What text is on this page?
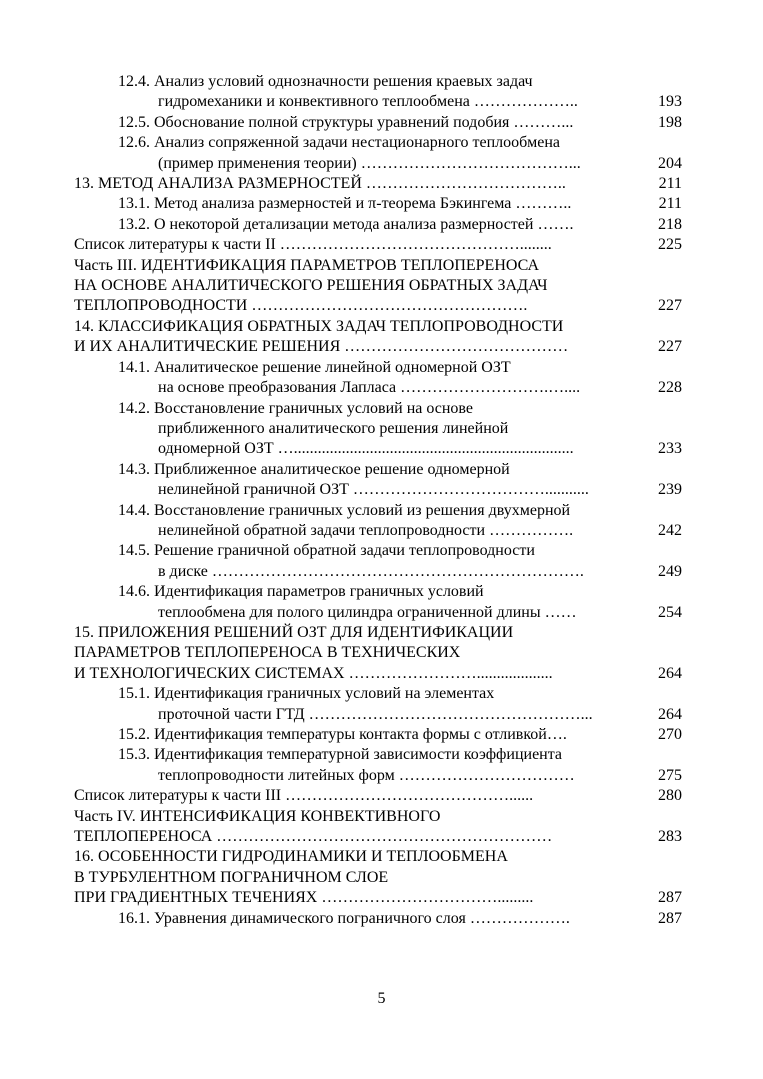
12.4. Анализ условий однозначности решения краевых задач
гидромеханики и конвективного теплообмена ………………..	193
12.5. Обоснование полной структуры уравнений подобия ………...	198
12.6. Анализ сопряженной задачи нестационарного теплообмена
(пример применения теории) …………………………………...	204
13. МЕТОД АНАЛИЗА РАЗМЕРНОСТЕЙ ………………………………..	211
13.1. Метод анализа размерностей и π-теорема Бэкингема ………..	211
13.2. О некоторой детализации метода анализа размерностей …….	218
Список литературы к части II ………………………………………........	225
Часть III. ИДЕНТИФИКАЦИЯ ПАРАМЕТРОВ ТЕПЛОПЕРЕНОСА
НА ОСНОВЕ АНАЛИТИЧЕСКОГО РЕШЕНИЯ ОБРАТНЫХ ЗАДАЧ
ТЕПЛОПРОВОДНОСТИ …………………………………………….	227
14. КЛАССИФИКАЦИЯ ОБРАТНЫХ ЗАДАЧ ТЕПЛОПРОВОДНОСТИ
И ИХ АНАЛИТИЧЕСКИЕ РЕШЕНИЯ ……………………………………	227
14.1. Аналитическое решение линейной одномерной ОЗТ
на основе преобразования Лапласа ……………………….…....	228
14.2. Восстановление граничных условий на основе
приближенного аналитического решения линейной
одномерной ОЗТ …......................................................................	233
14.3. Приближенное аналитическое решение одномерной
нелинейной граничной ОЗТ ………………………………...........	239
14.4. Восстановление граничных условий из решения двухмерной
нелинейной обратной задачи теплопроводности …………….	242
14.5. Решение граничной обратной задачи теплопроводности
в диске …………………………………………………………….	249
14.6. Идентификация параметров граничных условий
теплообмена для полого цилиндра ограниченной длины ……	254
15. ПРИЛОЖЕНИЯ РЕШЕНИЙ ОЗТ ДЛЯ ИДЕНТИФИКАЦИИ
ПАРАМЕТРОВ ТЕПЛОПЕРЕНОСА В ТЕХНИЧЕСКИХ
И ТЕХНОЛОГИЧЕСКИХ СИСТЕМАХ ……………………...................	264
15.1. Идентификация граничных условий на элементах
проточной части ГТД ……………………………………………...	264
15.2. Идентификация температуры контакта формы с отливкой….	270
15.3. Идентификация температурной зависимости коэффициента
теплопроводности литейных форм ……………………………	275
Список литературы к части III ……………………………………......	280
Часть IV. ИНТЕНСИФИКАЦИЯ КОНВЕКТИВНОГО
ТЕПЛОПЕРЕНОСА ………………………………………………………	283
16. ОСОБЕННОСТИ ГИДРОДИНАМИКИ И ТЕПЛООБМЕНА
В ТУРБУЛЕНТНОМ ПОГРАНИЧНОМ СЛОЕ
ПРИ ГРАДИЕНТНЫХ ТЕЧЕНИЯХ …………………………….........	287
16.1. Уравнения динамического пограничного слоя ……………….	287
5
